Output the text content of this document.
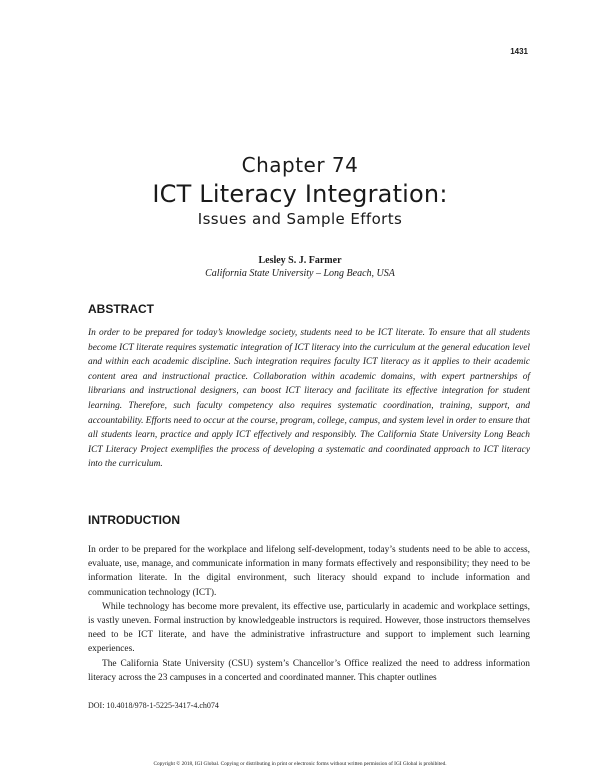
1431
Chapter 74
ICT Literacy Integration:
Issues and Sample Efforts
Lesley S. J. Farmer
California State University – Long Beach, USA
ABSTRACT

In order to be prepared for today’s knowledge society, students need to be ICT literate. To ensure that all students become ICT literate requires systematic integration of ICT literacy into the curriculum at the general education level and within each academic discipline. Such integration requires faculty ICT literacy as it applies to their academic content area and instructional practice. Collaboration within academic domains, with expert partnerships of librarians and instructional designers, can boost ICT literacy and facilitate its effective integration for student learning. Therefore, such faculty competency also requires systematic coordination, training, support, and accountability. Efforts need to occur at the course, program, college, campus, and system level in order to ensure that all students learn, practice and apply ICT effectively and responsibly. The California State University Long Beach ICT Literacy Project exemplifies the process of developing a systematic and coordinated approach to ICT literacy into the curriculum.

INTRODUCTION

In order to be prepared for the workplace and lifelong self-development, today’s students need to be able to access, evaluate, use, manage, and communicate information in many formats effectively and responsibility; they need to be information literate. In the digital environment, such literacy should expand to include information and communication technology (ICT).

While technology has become more prevalent, its effective use, particularly in academic and workplace settings, is vastly uneven. Formal instruction by knowledgeable instructors is required. However, those instructors themselves need to be ICT literate, and have the administrative infrastructure and support to implement such learning experiences.

The California State University (CSU) system’s Chancellor’s Office realized the need to address information literacy across the 23 campuses in a concerted and coordinated manner. This chapter outlines

DOI: 10.4018/978-1-5225-3417-4.ch074
Copyright © 2018, IGI Global. Copying or distributing in print or electronic forms without written permission of IGI Global is prohibited.
